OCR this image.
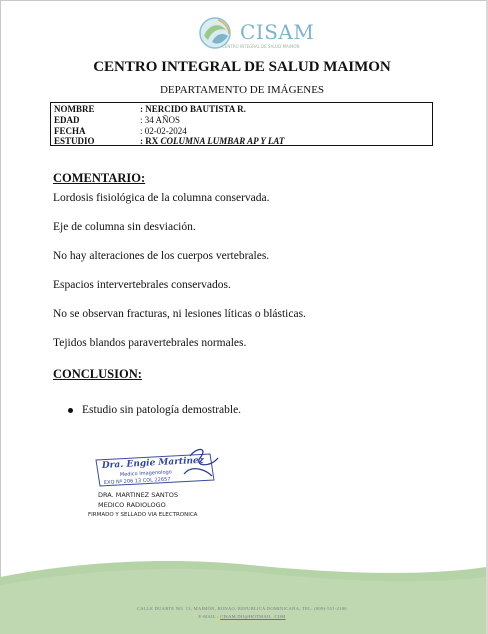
CISAM
CENTRO INTEGRAL DE SALUD MAIMON
CENTRO INTEGRAL DE SALUD MAIMON
DEPARTAMENTO DE IMÁGENES
NOMBRE	: NERCIDO BAUTISTA R.
EDAD	: 34 AÑOS
FECHA	: 02-02-2024
ESTUDIO	: RX COLUMNA LUMBAR AP Y LAT
COMENTARIO:
Lordosis fisiológica de la columna conservada.
Eje de columna sin desviación.
No hay alteraciones de los cuerpos vertebrales.
Espacios intervertebrales conservados.
No se observan fracturas, ni lesiones líticas o blásticas.
Tejidos blandos paravertebrales normales.
CONCLUSION:
Estudio sin patología demostrable.
Dra. Engie Martinez
Medico Imagenologo
EXQ Nº 206 13 COL 22657
DRA. MARTINEZ SANTOS
MEDICO RADIOLOGO
FIRMADO Y SELLADO VIA ELECTRONICA
CALLE DUARTE NO. 13, MAIMÓN, BONAO, REPUBLICA DOMINICANA, TEL: (809)-551-2100
E-MAIL : CISAM.DO@HOTMAIL .COM
